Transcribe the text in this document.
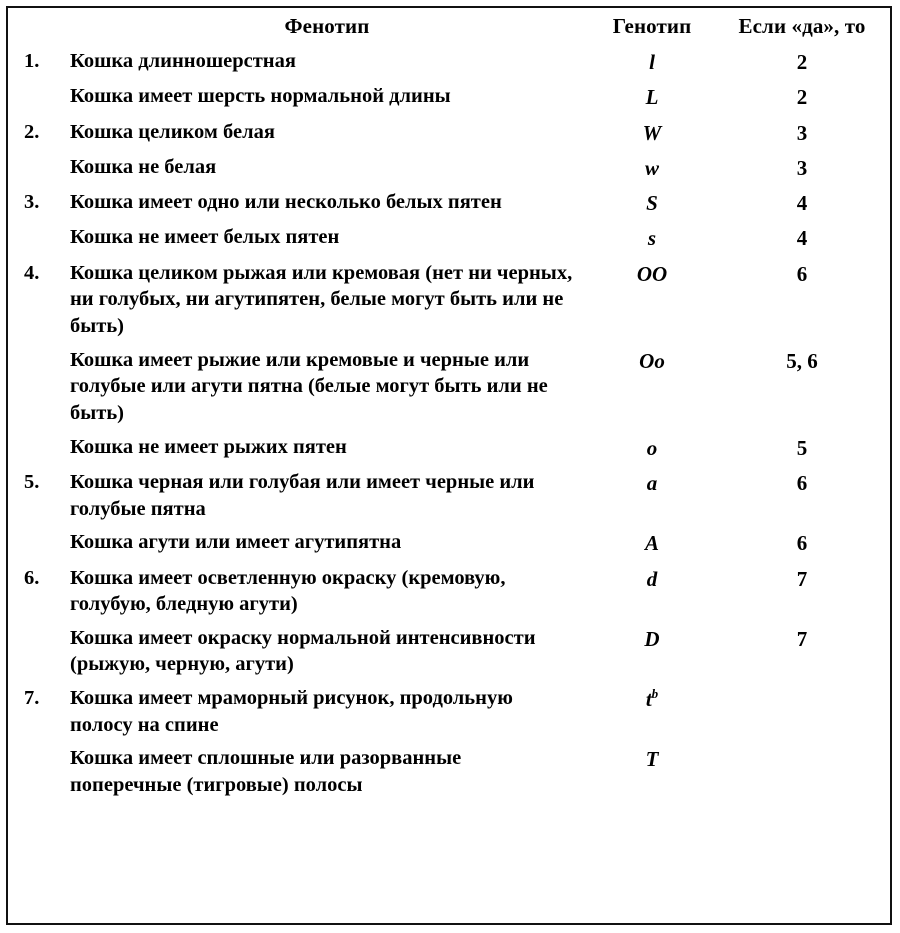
	Фенотип	Генотип	Если «да», то
1.	Кошка длинношерстная	l	2
	Кошка имеет шерсть нормальной длины	L	2
2.	Кошка целиком белая	W	3
	Кошка не белая	w	3
3.	Кошка имеет одно или несколько белых пятен	S	4
	Кошка не имеет белых пятен	s	4
4.	Кошка целиком рыжая или кремовая (нет ни черных, ни голубых, ни агутипятен, белые могут быть или не быть)	OO	6
	Кошка имеет рыжие или кремовые и черные или голубые или агути пятна (белые могут быть или не быть)	Oo	5, 6
	Кошка не имеет рыжих пятен	o	5
5.	Кошка черная или голубая или имеет черные или голубые пятна	a	6
	Кошка агути или имеет агутипятна	A	6
6.	Кошка имеет осветленную окраску (кремовую, голубую, бледную агути)	d	7
	Кошка имеет окраску нормальной интенсивности (рыжую, черную, агути)	D	7
7.	Кошка имеет мраморный рисунок, продольную полосу на спине	$t^b$	
	Кошка имеет сплошные или разорванные поперечные (тигровые) полосы	T	
